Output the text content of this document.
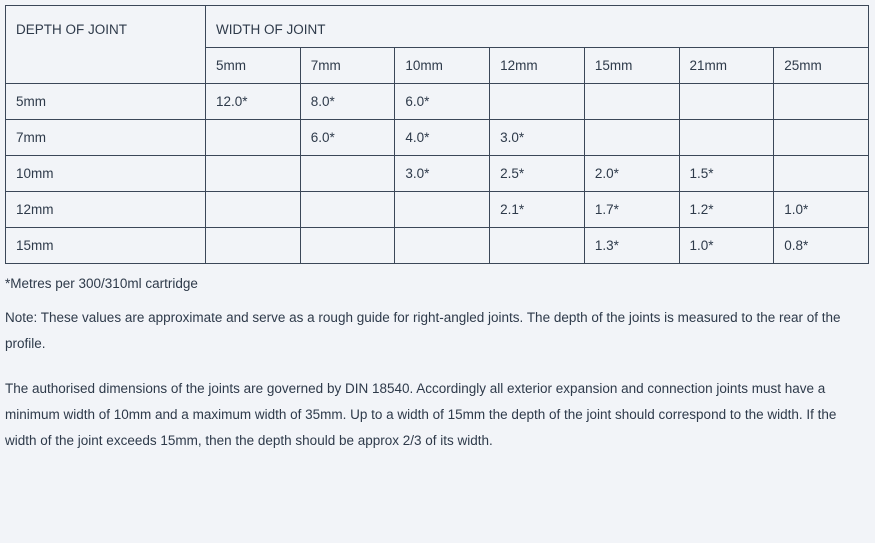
DEPTH OF JOINT	WIDTH OF JOINT						
	5mm	7mm	10mm	12mm	15mm	21mm	25mm
5mm	12.0*	8.0*	6.0*				
7mm		6.0*	4.0*	3.0*			
10mm			3.0*	2.5*	2.0*	1.5*	
12mm				2.1*	1.7*	1.2*	1.0*
15mm					1.3*	1.0*	0.8*
*Metres per 300/310ml cartridge

Note: These values are approximate and serve as a rough guide for right-angled joints. The depth of the joints is measured to the rear of the profile.

The authorised dimensions of the joints are governed by DIN 18540. Accordingly all exterior expansion and connection joints must have a minimum width of 10mm and a maximum width of 35mm. Up to a width of 15mm the depth of the joint should correspond to the width. If the width of the joint exceeds 15mm, then the depth should be approx 2/3 of its width.
